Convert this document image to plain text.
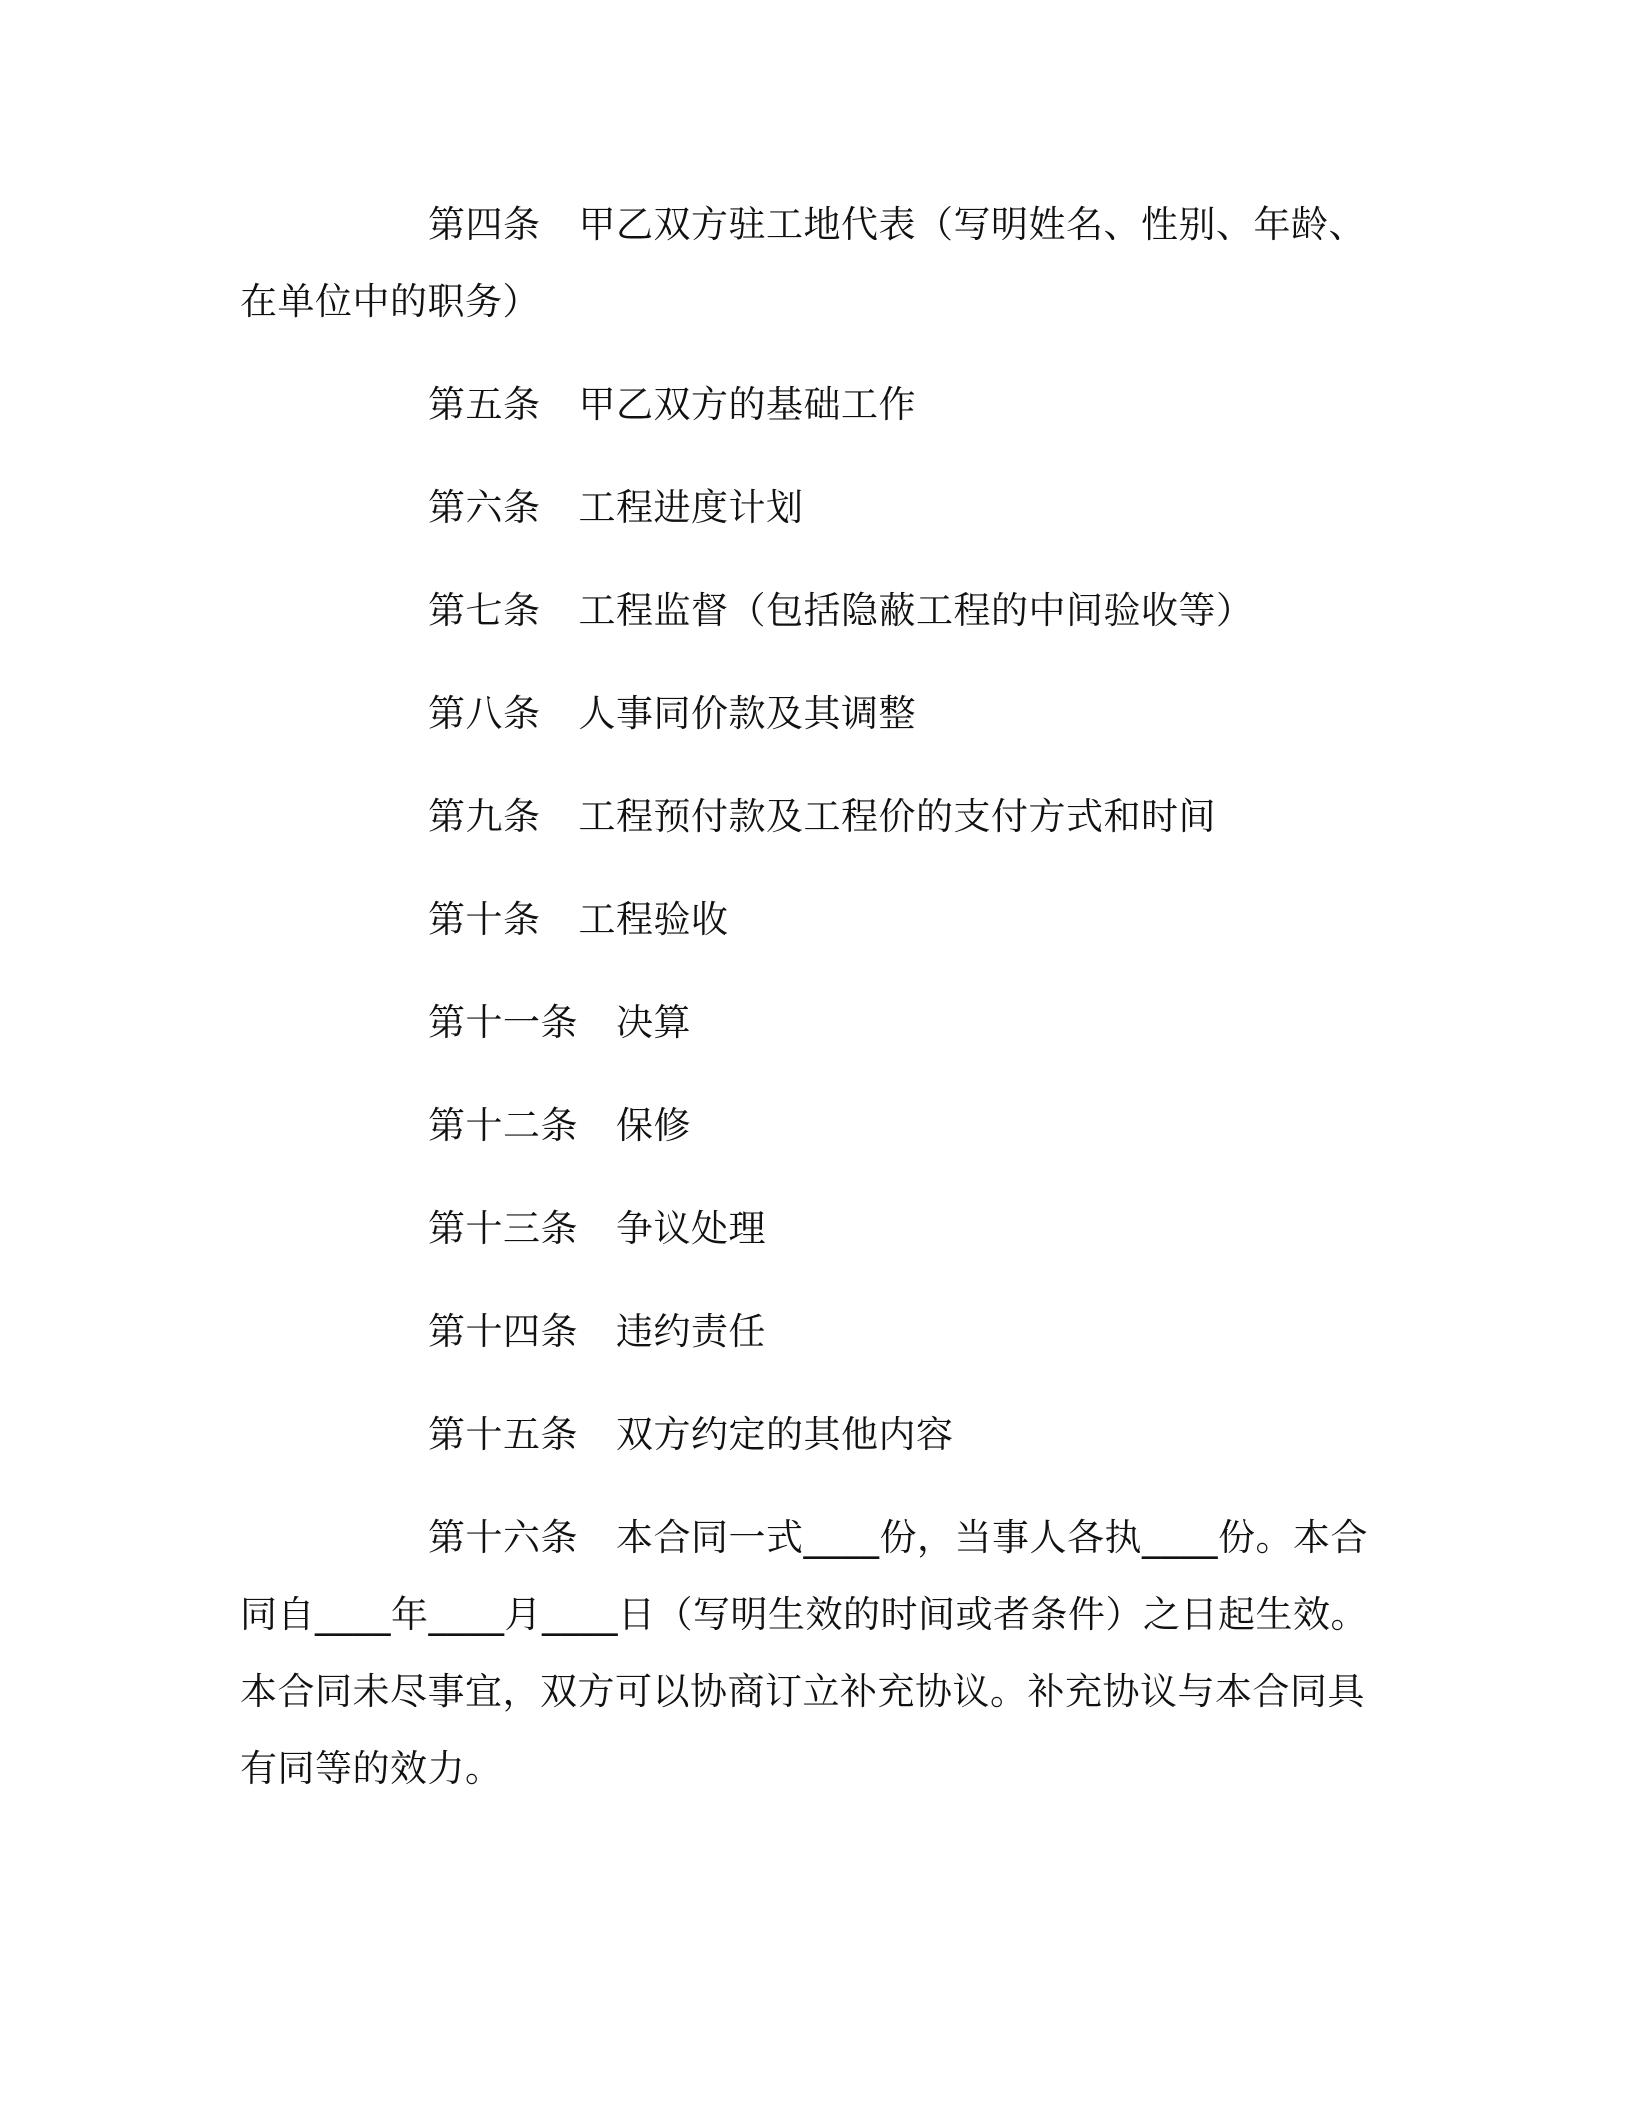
第四条 甲乙双方驻工地代表（写明姓名、性别、年龄、在单位中的职务）

第五条 甲乙双方的基础工作

第六条 工程进度计划

第七条 工程监督（包括隐蔽工程的中间验收等）

第八条 人事同价款及其调整

第九条 工程预付款及工程价的支付方式和时间

第十条 工程验收

第十一条 决算

第十二条 保修

第十三条 争议处理

第十四条 违约责任

第十五条 双方约定的其他内容

第十六条 本合同一式____份，当事人各执____份。本合同自____年____月____日（写明生效的时间或者条件）之日起生效。本合同未尽事宜，双方可以协商订立补充协议。补充协议与本合同具有同等的效力。
